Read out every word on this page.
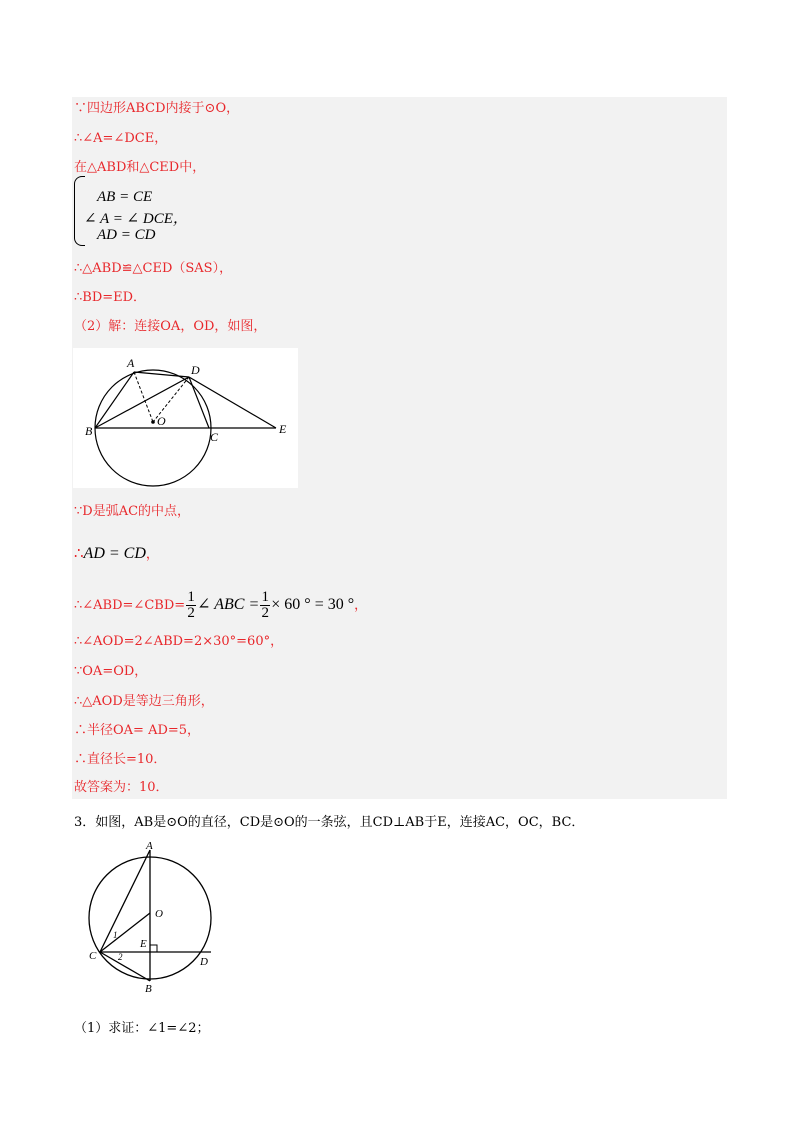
∵四边形ABCD内接于⊙O，
∴∠A=∠DCE，
在△ABD和△CED中，
AB = CE
∠ A = ∠ DCE，
AD = CD
∴△ABD≌△CED（SAS），
∴BD=ED．
（2）解：连接OA，OD，如图，
A	D
B
O
C
E
∵D是弧AC的中点，
∴AD = CD，
∴∠ABD=∠CBD= $\frac{1}{2}$ ∠ ABC = $\frac{1}{2} \times 60$ ° = 30 °，
∴∠AOD=2∠ABD=2×30°=60°，
∵OA=OD，
∴△AOD是等边三角形，
∴半径OA= AD=5，
∴直径长=10．
故答案为：10．
3．如图，AB是⊙O的直径，CD是⊙O的一条弦，且CD⊥AB于E，连接AC，OC，BC．
A
O
E
C	D
B
1
2
（1）求证：∠1=∠2；
